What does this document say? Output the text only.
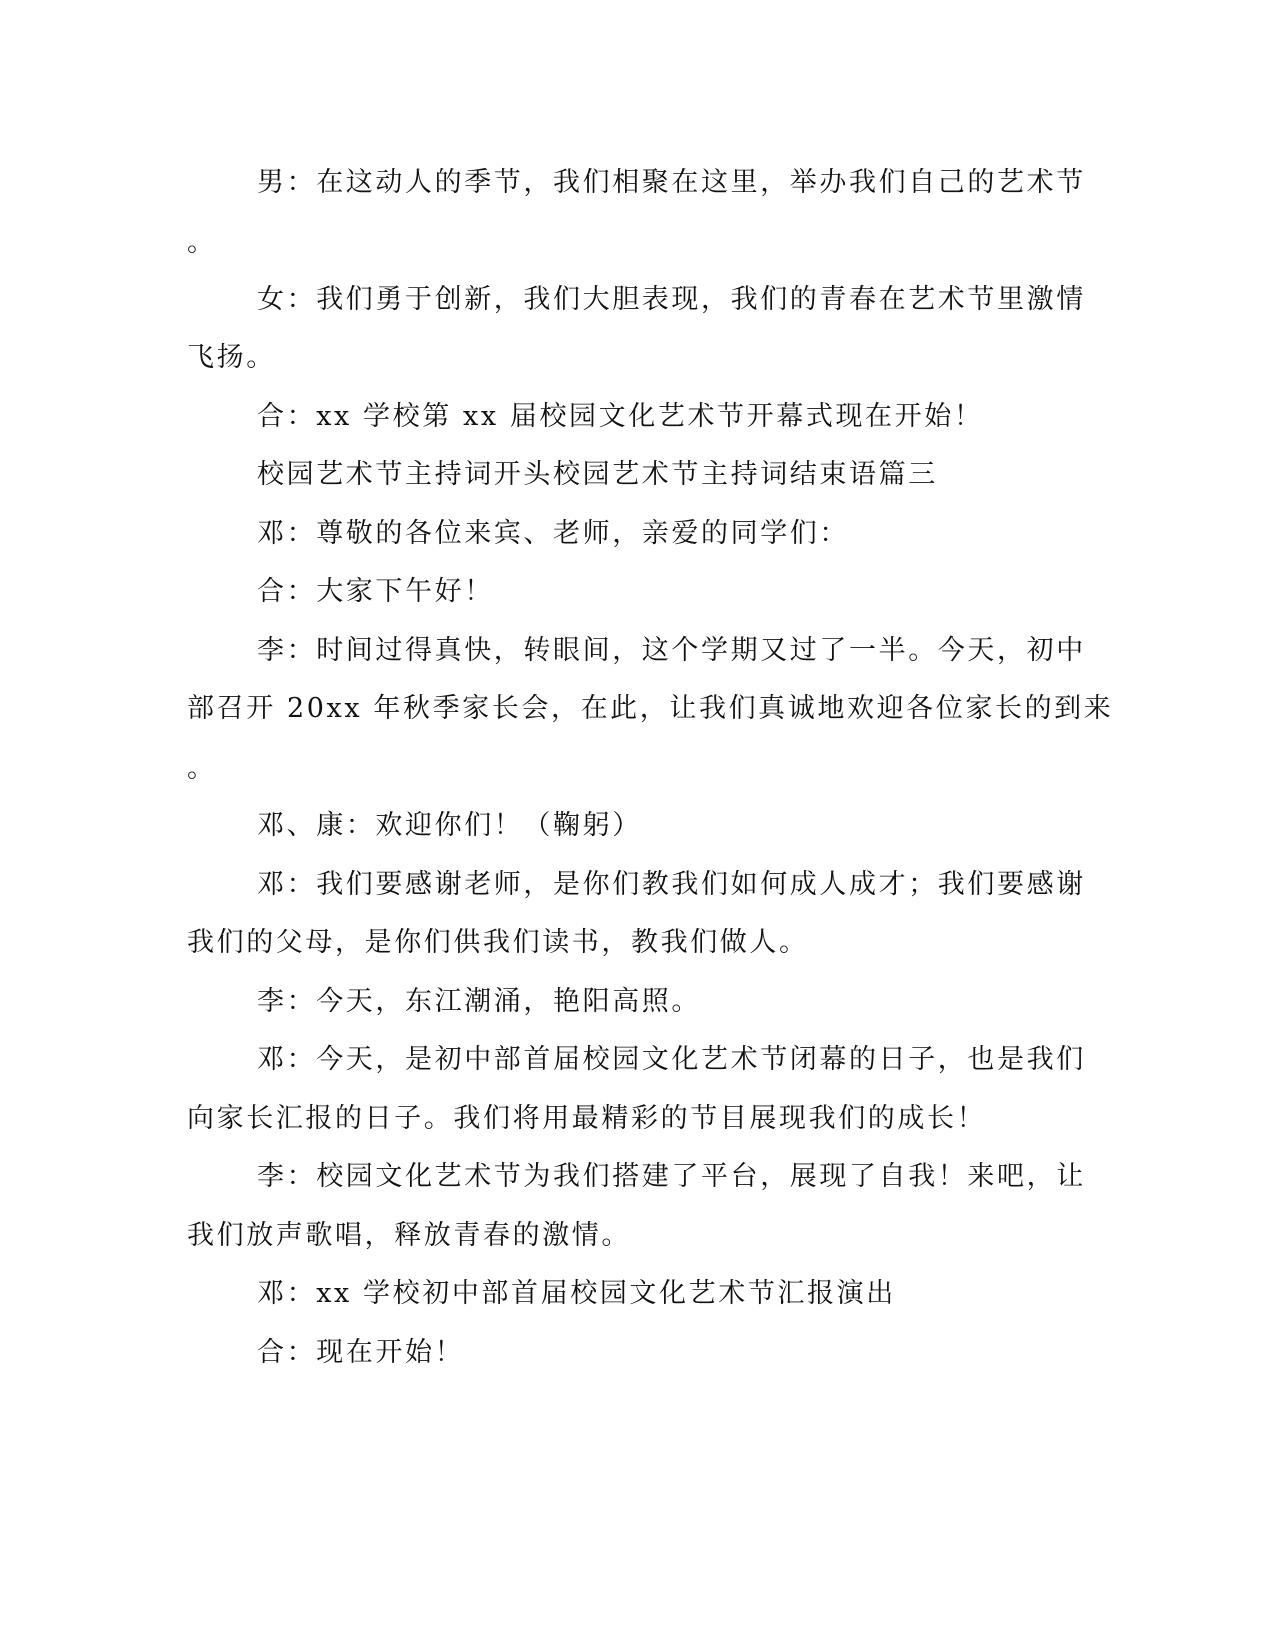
男：在这动人的季节，我们相聚在这里，举办我们自己的艺术节
。
女：我们勇于创新，我们大胆表现，我们的青春在艺术节里激情
飞扬。
合：xx 学校第 xx 届校园文化艺术节开幕式现在开始！
校园艺术节主持词开头校园艺术节主持词结束语篇三
邓：尊敬的各位来宾、老师，亲爱的同学们：
合：大家下午好！
李：时间过得真快，转眼间，这个学期又过了一半。今天，初中
部召开 20xx 年秋季家长会，在此，让我们真诚地欢迎各位家长的到来
。
邓、康：欢迎你们！（鞠躬）
邓：我们要感谢老师，是你们教我们如何成人成才；我们要感谢
我们的父母，是你们供我们读书，教我们做人。
李：今天，东江潮涌，艳阳高照。
邓：今天，是初中部首届校园文化艺术节闭幕的日子，也是我们
向家长汇报的日子。我们将用最精彩的节目展现我们的成长！
李：校园文化艺术节为我们搭建了平台，展现了自我！来吧，让
我们放声歌唱，释放青春的激情。
邓：xx 学校初中部首届校园文化艺术节汇报演出
合：现在开始！
